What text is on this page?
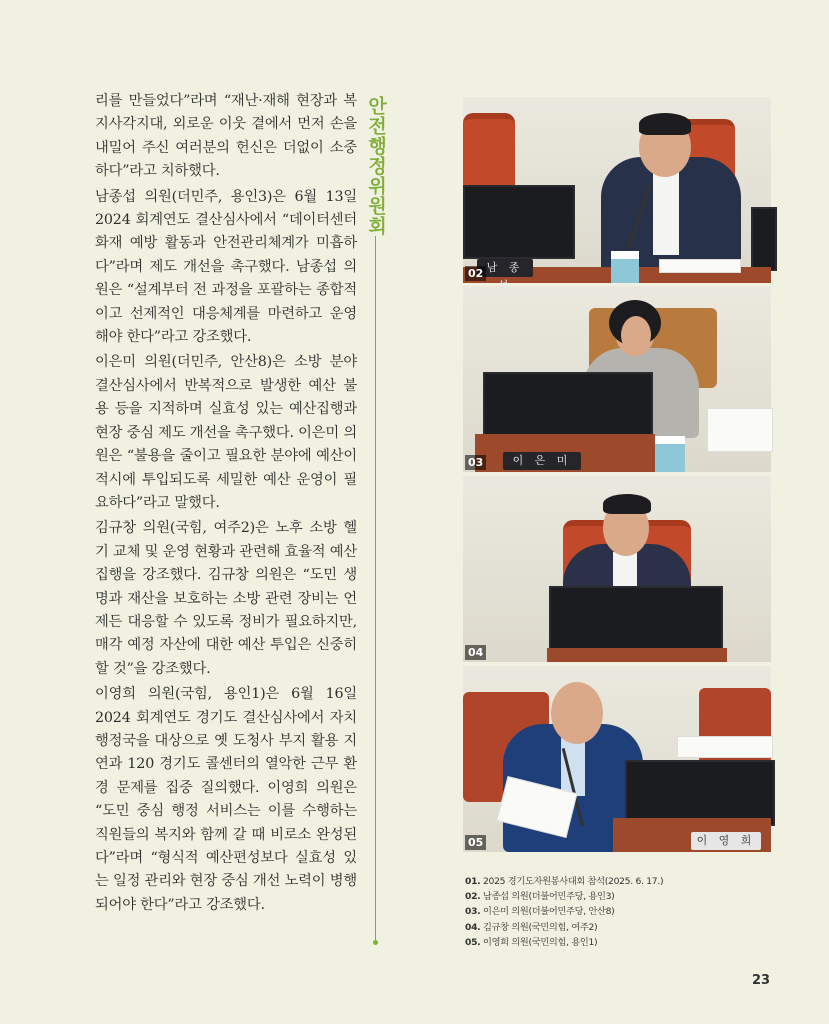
리를 만들었다”라며 “재난·재해 현장과 복지사각지대, 외로운 이웃 곁에서 먼저 손을 내밀어 주신 여러분의 헌신은 더없이 소중하다”라고 치하했다.

남종섭 의원(더민주, 용인3)은 6월 13일 2024 회계연도 결산심사에서 “데이터센터 화재 예방 활동과 안전관리체계가 미흡하다”라며 제도 개선을 촉구했다. 남종섭 의원은 “설계부터 전 과정을 포괄하는 종합적이고 선제적인 대응체계를 마련하고 운영해야 한다”라고 강조했다.

이은미 의원(더민주, 안산8)은 소방 분야 결산심사에서 반복적으로 발생한 예산 불용 등을 지적하며 실효성 있는 예산집행과 현장 중심 제도 개선을 촉구했다. 이은미 의원은 “불용을 줄이고 필요한 분야에 예산이 적시에 투입되도록 세밀한 예산 운영이 필요하다”라고 말했다.

김규창 의원(국힘, 여주2)은 노후 소방 헬기 교체 및 운영 현황과 관련해 효율적 예산집행을 강조했다. 김규창 의원은 “도민 생명과 재산을 보호하는 소방 관련 장비는 언제든 대응할 수 있도록 정비가 필요하지만, 매각 예정 자산에 대한 예산 투입은 신중히 할 것”을 강조했다.

이영희 의원(국힘, 용인1)은 6월 16일 2024 회계연도 경기도 결산심사에서 자치행정국을 대상으로 옛 도청사 부지 활용 지연과 120 경기도 콜센터의 열악한 근무 환경 문제를 집중 질의했다. 이영희 의원은 “도민 중심 행정 서비스는 이를 수행하는 직원들의 복지와 함께 갈 때 비로소 완성된다”라며 “형식적 예산편성보다 실효성 있는 일정 관리와 현장 중심 개선 노력이 병행되어야 한다”라고 강조했다.

안전행정위원회
남 종
02
이 은 미
03
04
이 영 희
05
01. 2025 경기도자원봉사대회 참석(2025. 6. 17.)
02. 남종섭 의원(더불어민주당, 용인3)
03. 이은미 의원(더불어민주당, 안산8)
04. 김규창 의원(국민의힘, 여주2)
05. 이영희 의원(국민의힘, 용인1)
23
